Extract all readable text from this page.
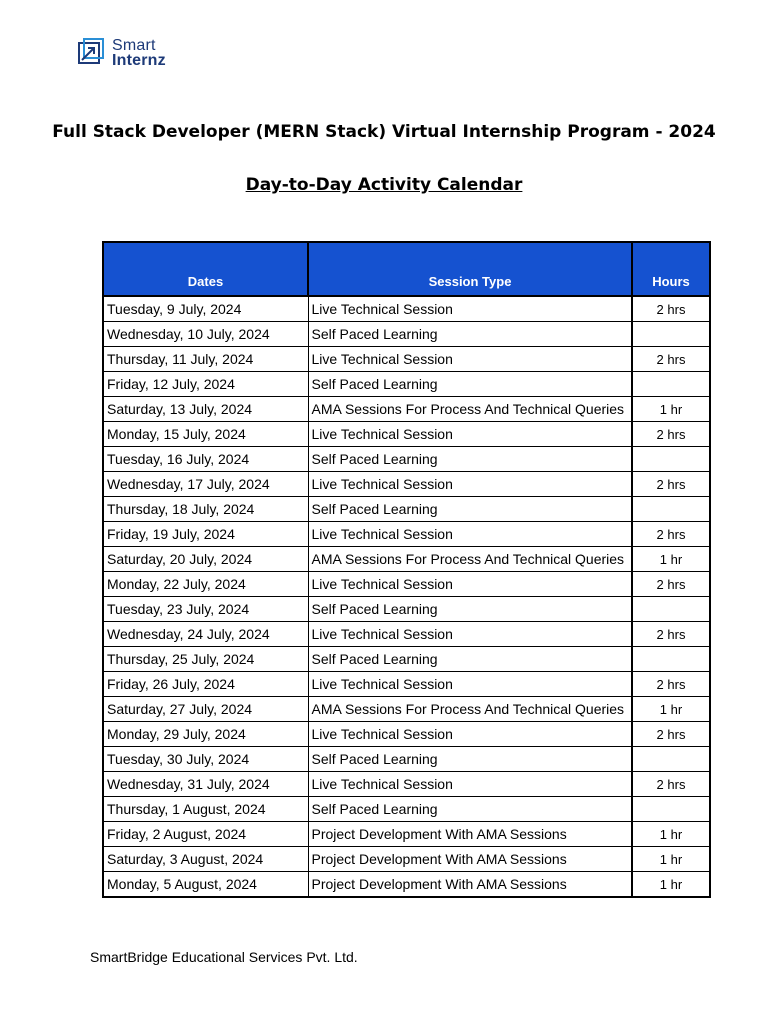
Smart
Internz
Full Stack Developer (MERN Stack) Virtual Internship Program - 2024
Day-to-Day Activity Calendar
Dates	Session Type	Hours
Tuesday, 9 July, 2024	Live Technical Session	2 hrs
Wednesday, 10 July, 2024	Self Paced Learning	
Thursday, 11 July, 2024	Live Technical Session	2 hrs
Friday, 12 July, 2024	Self Paced Learning	
Saturday, 13 July, 2024	AMA Sessions For Process And Technical Queries	1 hr
Monday, 15 July, 2024	Live Technical Session	2 hrs
Tuesday, 16 July, 2024	Self Paced Learning	
Wednesday, 17 July, 2024	Live Technical Session	2 hrs
Thursday, 18 July, 2024	Self Paced Learning	
Friday, 19 July, 2024	Live Technical Session	2 hrs
Saturday, 20 July, 2024	AMA Sessions For Process And Technical Queries	1 hr
Monday, 22 July, 2024	Live Technical Session	2 hrs
Tuesday, 23 July, 2024	Self Paced Learning	
Wednesday, 24 July, 2024	Live Technical Session	2 hrs
Thursday, 25 July, 2024	Self Paced Learning	
Friday, 26 July, 2024	Live Technical Session	2 hrs
Saturday, 27 July, 2024	AMA Sessions For Process And Technical Queries	1 hr
Monday, 29 July, 2024	Live Technical Session	2 hrs
Tuesday, 30 July, 2024	Self Paced Learning	
Wednesday, 31 July, 2024	Live Technical Session	2 hrs
Thursday, 1 August, 2024	Self Paced Learning	
Friday, 2 August, 2024	Project Development With AMA Sessions	1 hr
Saturday, 3 August, 2024	Project Development With AMA Sessions	1 hr
Monday, 5 August, 2024	Project Development With AMA Sessions	1 hr
SmartBridge Educational Services Pvt. Ltd.
